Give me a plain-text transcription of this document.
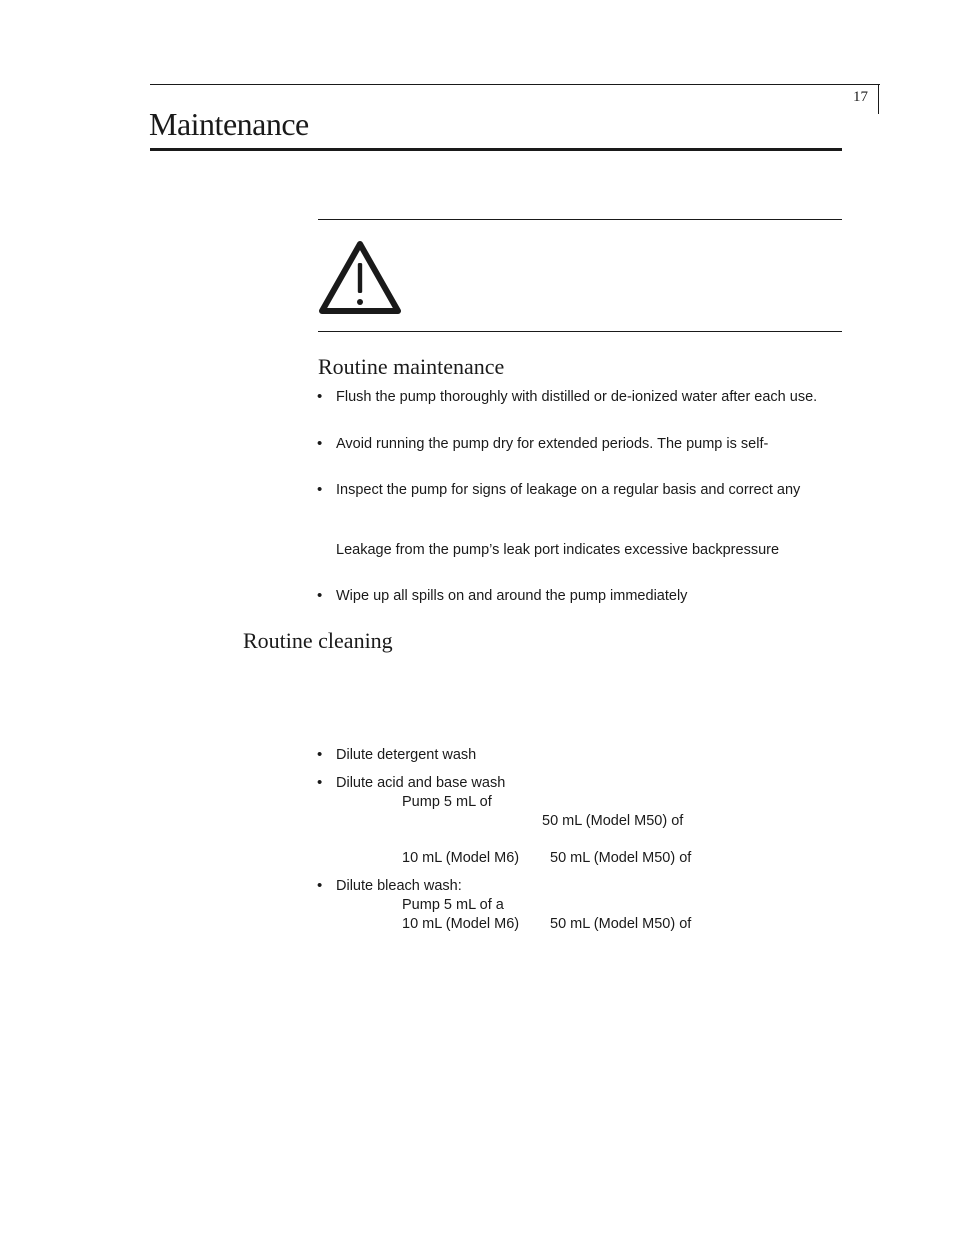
17
Maintenance
Routine maintenance
• Flush the pump thoroughly with distilled or de-ionized water after each use.
• Avoid running the pump dry for extended periods. The pump is self-
• Inspect the pump for signs of leakage on a regular basis and correct any
Leakage from the pump’s leak port indicates excessive backpressure
• Wipe up all spills on and around the pump immediately
Routine cleaning
• Dilute detergent wash
• Dilute acid and base wash
Pump 5 mL of
50 mL (Model M50) of
10 mL (Model M6) 50 mL (Model M50) of
• Dilute bleach wash:
Pump 5 mL of a
10 mL (Model M6) 50 mL (Model M50) of
